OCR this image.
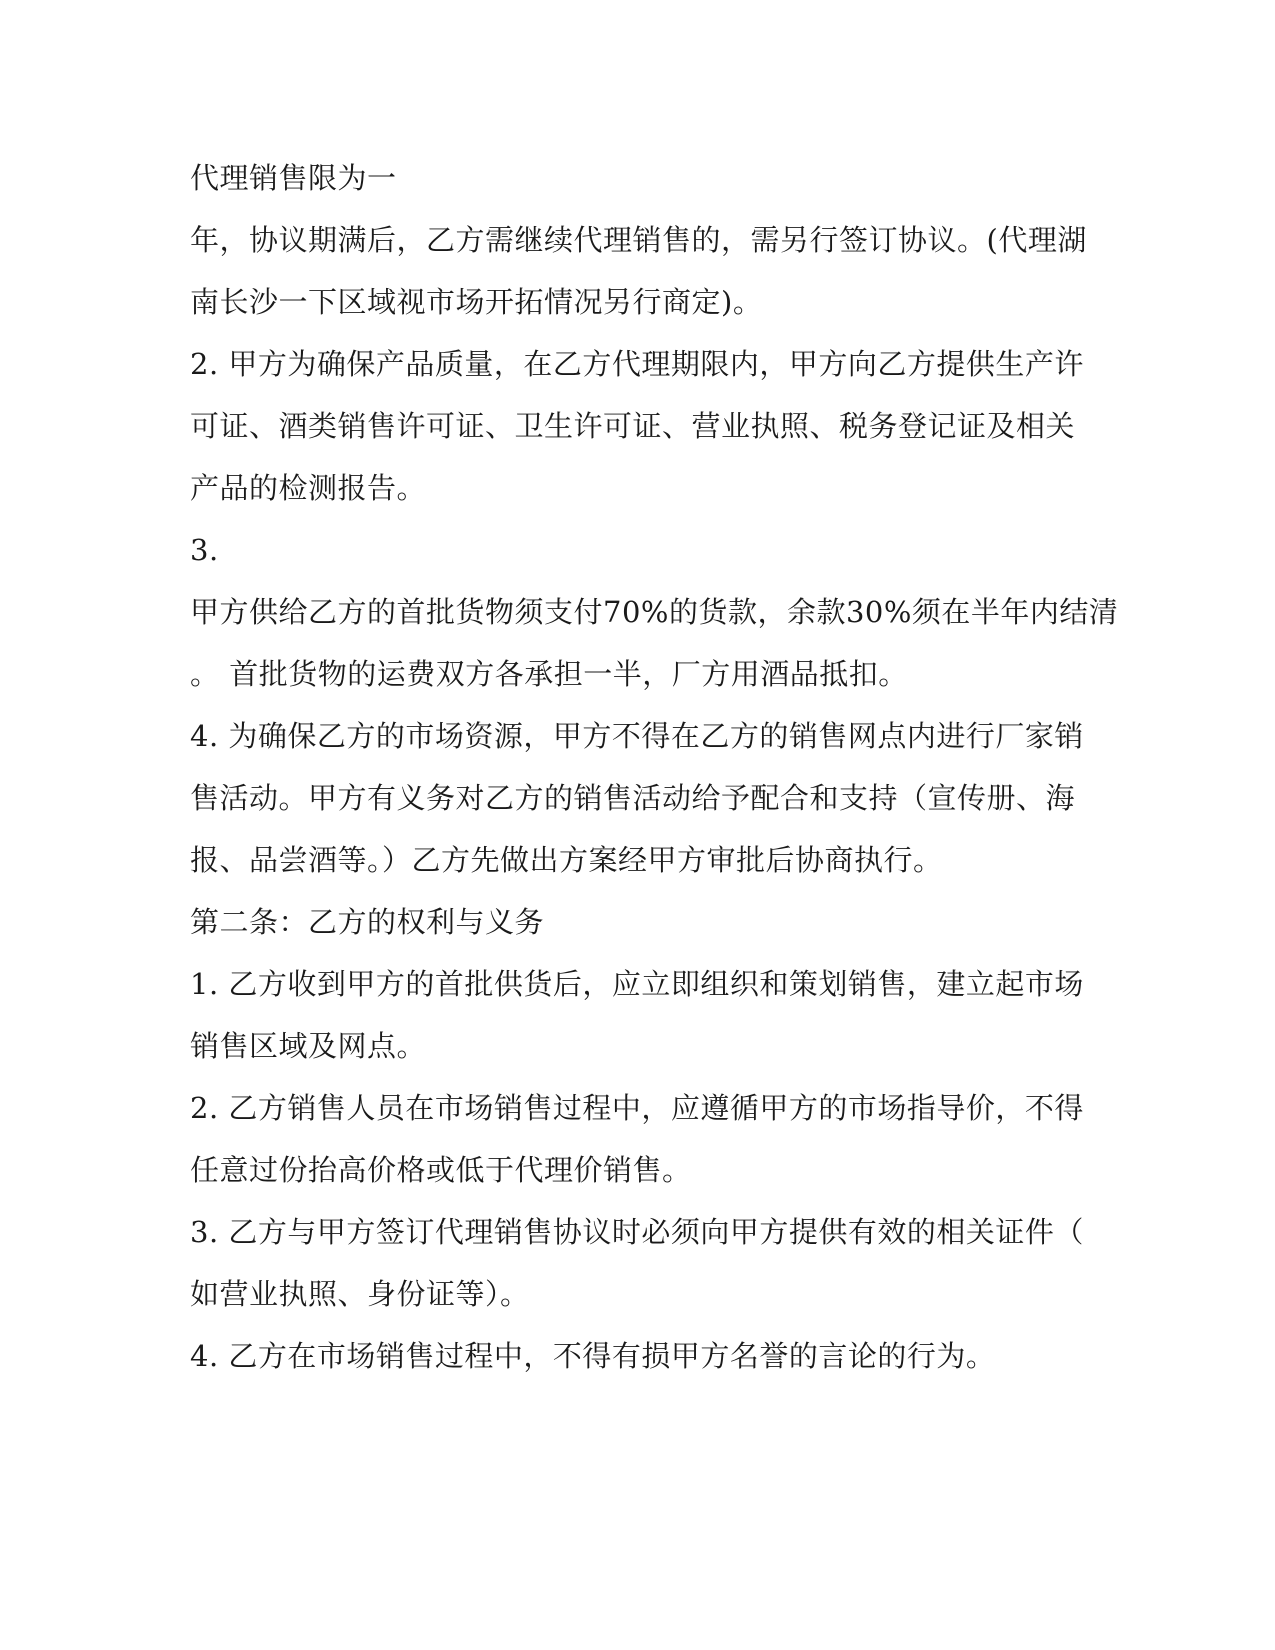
代理销售限为一
年，协议期满后，乙方需继续代理销售的，需另行签订协议。(代理湖
南长沙一下区域视市场开拓情况另行商定)。
2. 甲方为确保产品质量，在乙方代理期限内，甲方向乙方提供生产许
可证、酒类销售许可证、卫生许可证、营业执照、税务登记证及相关
产品的检测报告。
3.
甲方供给乙方的首批货物须支付70%的货款，余款30%须在半年内结清
。 首批货物的运费双方各承担一半，厂方用酒品抵扣。
4. 为确保乙方的市场资源，甲方不得在乙方的销售网点内进行厂家销
售活动。甲方有义务对乙方的销售活动给予配合和支持（宣传册、海
报、品尝酒等。）乙方先做出方案经甲方审批后协商执行。
第二条：乙方的权利与义务
1. 乙方收到甲方的首批供货后，应立即组织和策划销售，建立起市场
销售区域及网点。
2. 乙方销售人员在市场销售过程中，应遵循甲方的市场指导价，不得
任意过份抬高价格或低于代理价销售。
3. 乙方与甲方签订代理销售协议时必须向甲方提供有效的相关证件（
如营业执照、身份证等）。
4. 乙方在市场销售过程中，不得有损甲方名誉的言论的行为。
